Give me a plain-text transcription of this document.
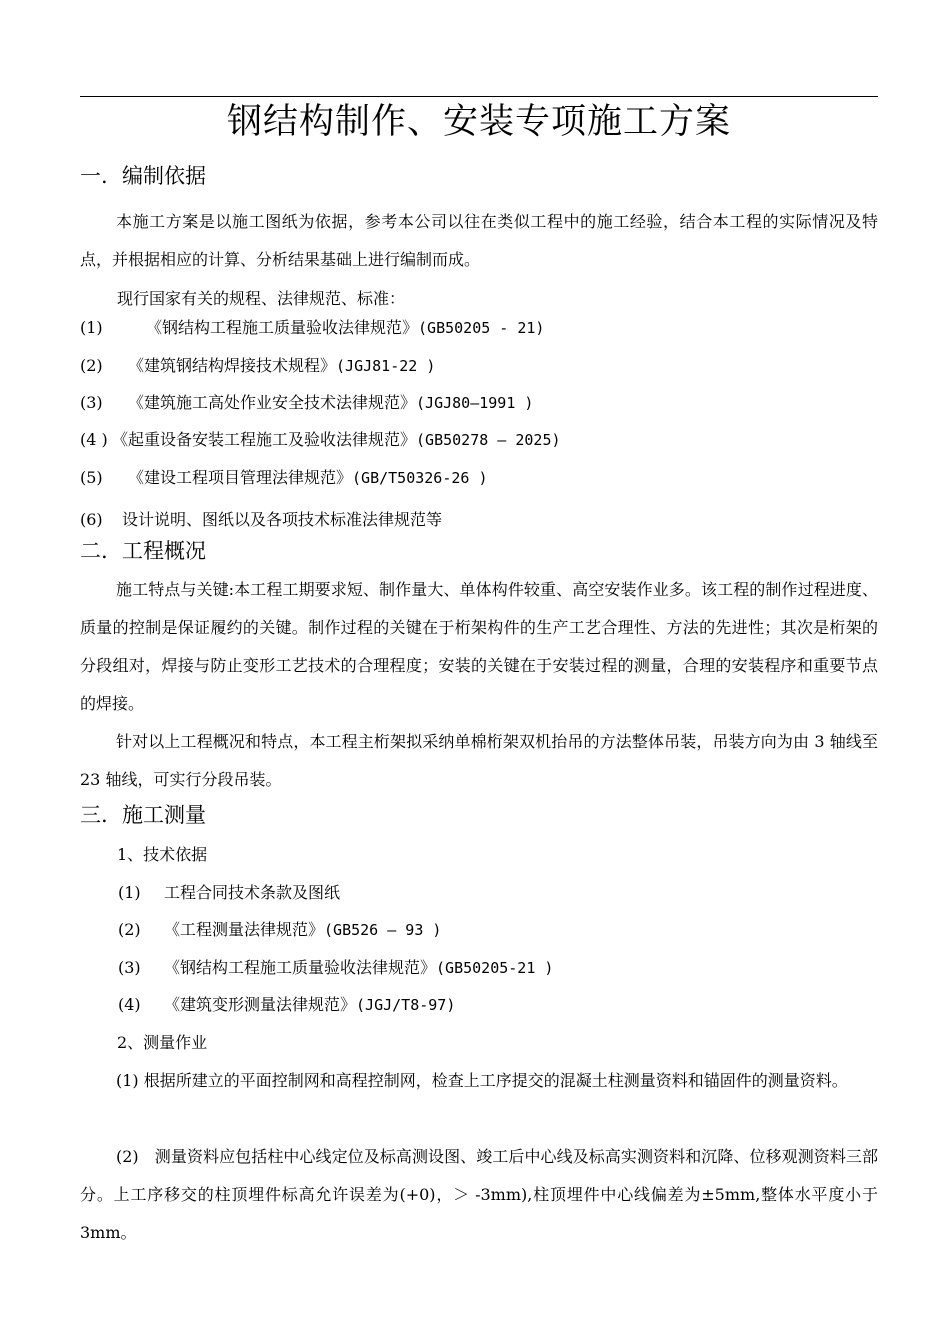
钢结构制作、安装专项施工方案
一. 编制依据

本施工方案是以施工图纸为依据，参考本公司以往在类似工程中的施工经验，结合本工程的实际情况及特点，并根据相应的计算、分析结果基础上进行编制而成。

现行国家有关的规程、法律规范、标准：
(1)	《钢结构工程施工质量验收法律规范》(GB50205 - 21)
(2) 《建筑钢结构焊接技术规程》(JGJ81-22 )
(3) 《建筑施工高处作业安全技术法律规范》(JGJ80—1991 )
(4 ) 《起重设备安装工程施工及验收法律规范》(GB50278 — 2025)
(5) 《建设工程项目管理法律规范》(GB/T50326-26 )
(6) 设计说明、图纸以及各项技术标准法律规范等
二. 工程概况

施工特点与关键:本工程工期要求短、制作量大、单体构件较重、高空安装作业多。该工程的制作过程进度、质量的控制是保证履约的关键。制作过程的关键在于桁架构件的生产工艺合理性、方法的先进性；其次是桁架的分段组对，焊接与防止变形工艺技术的合理程度；安装的关键在于安装过程的测量，合理的安装程序和重要节点的焊接。

针对以上工程概况和特点，本工程主桁架拟采纳单棉桁架双机抬吊的方法整体吊装，吊装方向为由 3 轴线至 23 轴线，可实行分段吊装。

三. 施工测量
1、技术依据
(1) 工程合同技术条款及图纸
(2) 《工程测量法律规范》(GB526 — 93 )
(3) 《钢结构工程施工质量验收法律规范》(GB50205-21 )
(4) 《建筑变形测量法律规范》(JGJ/T8-97)
2、测量作业

(1) 根据所建立的平面控制网和高程控制网，检查上工序提交的混凝土柱测量资料和锚固件的测量资料。

(2)　测量资料应包括柱中心线定位及标高测设图、竣工后中心线及标高实测资料和沉降、位移观测资料三部分。上工序移交的柱顶埋件标高允许误差为(+0)，＞ -3mm),柱顶埋件中心线偏差为±5mm,整体水平度小于 3mm。
